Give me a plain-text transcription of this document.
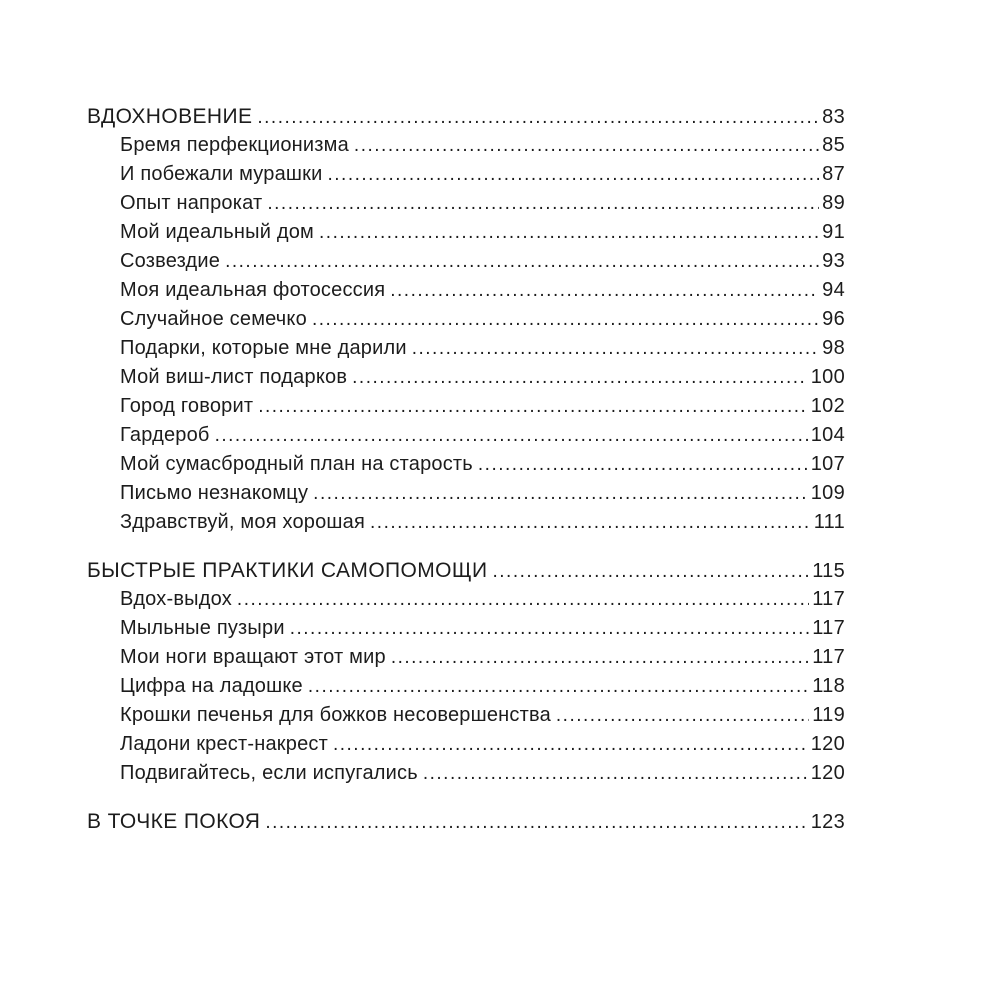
ВДОХНОВЕНИЕ .....	83
Бремя перфекционизма .....	85
И побежали мурашки .....	87
Опыт напрокат .....	89
Мой идеальный дом .....	91
Созвездие .....	93
Моя идеальная фотосессия .....	94
Случайное семечко .....	96
Подарки, которые мне дарили .....	98
Мой виш-лист подарков .....	100
Город говорит .....	102
Гардероб .....	104
Мой сумасбродный план на старость .....	107
Письмо незнакомцу .....	109
Здравствуй, моя хорошая .....	111
БЫСТРЫЕ ПРАКТИКИ САМОПОМОЩИ .....	115
Вдох-выдох .....	117
Мыльные пузыри .....	117
Мои ноги вращают этот мир .....	117
Цифра на ладошке .....	118
Крошки печенья для божков несовершенства .....	119
Ладони крест-накрест .....	120
Подвигайтесь, если испугались .....	120
В ТОЧКЕ ПОКОЯ .....	123
